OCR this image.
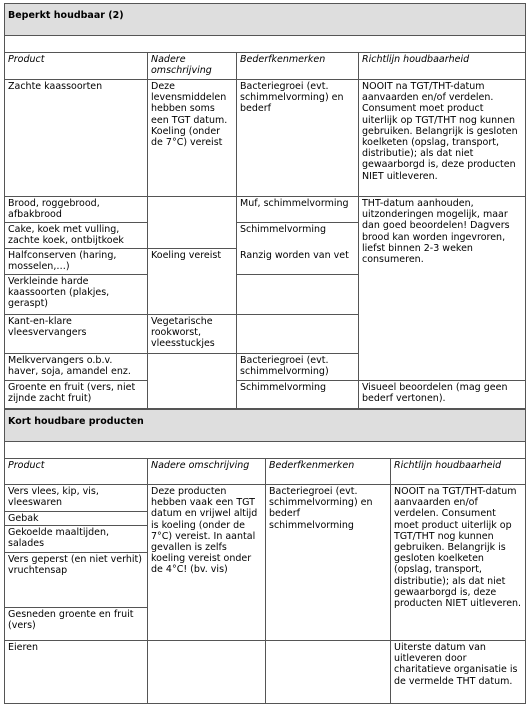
Beperkt houdbaar (2)			

Product	Nadere omschrijving	Bederfkenmerken	Richtlijn houdbaarheid
Zachte kaassoorten	Deze levensmiddelen hebben soms een TGT datum. Koeling (onder de 7°C) vereist	Bacteriegroei (evt. schimmelvorming) en bederf	NOOIT na TGT/THT-datum aanvaarden en/of verdelen. Consument moet product uiterlijk op TGT/THT nog kunnen gebruiken. Belangrijk is gesloten koelketen (opslag, transport, distributie); als dat niet gewaarborgd is, deze producten NIET uitleveren.
Brood, roggebrood, afbakbrood		Muf, schimmelvorming	THT-datum aanhouden, uitzonderingen mogelijk, maar dan goed beoordelen! Dagvers brood kan worden ingevroren, liefst binnen 2-3 weken consumeren.
Cake, koek met vulling, zachte koek, ontbijtkoek		Schimmelvorming	
Halfconserven (haring, mosselen,…)	Koeling vereist	Ranzig worden van vet	
Verkleinde harde kaassoorten (plakjes, geraspt)			
Kant-en-klare vleesvervangers	Vegetarische rookworst, vleesstuckjes		
Melkvervangers o.b.v. haver, soja, amandel enz.		Bacteriegroei (evt. schimmelvorming)	
Groente en fruit (vers, niet zijnde zacht fruit)		Schimmelvorming	Visueel beoordelen (mag geen bederf vertonen).
Kort houdbare producten			

Product	Nadere omschrijving	Bederfkenmerken	Richtlijn houdbaarheid
Vers vlees, kip, vis, vleeswaren	Deze producten hebben vaak een TGT datum en vrijwel altijd is koeling (onder de 7°C) vereist. In aantal gevallen is zelfs koeling vereist onder de 4°C! (bv. vis)	Bacteriegroei (evt. schimmelvorming) en bederf schimmelvorming	NOOIT na TGT/THT-datum aanvaarden en/of verdelen. Consument moet product uiterlijk op TGT/THT nog kunnen gebruiken. Belangrijk is gesloten koelketen (opslag, transport, distributie); als dat niet gewaarborgd is, deze producten NIET uitleveren.
Gebak			
Gekoelde maaltijden, salades			
Vers geperst (en niet verhit) vruchtensap			
Gesneden groente en fruit (vers)			
Eieren			Uiterste datum van uitleveren door charitatieve organisatie is de vermelde THT datum.
